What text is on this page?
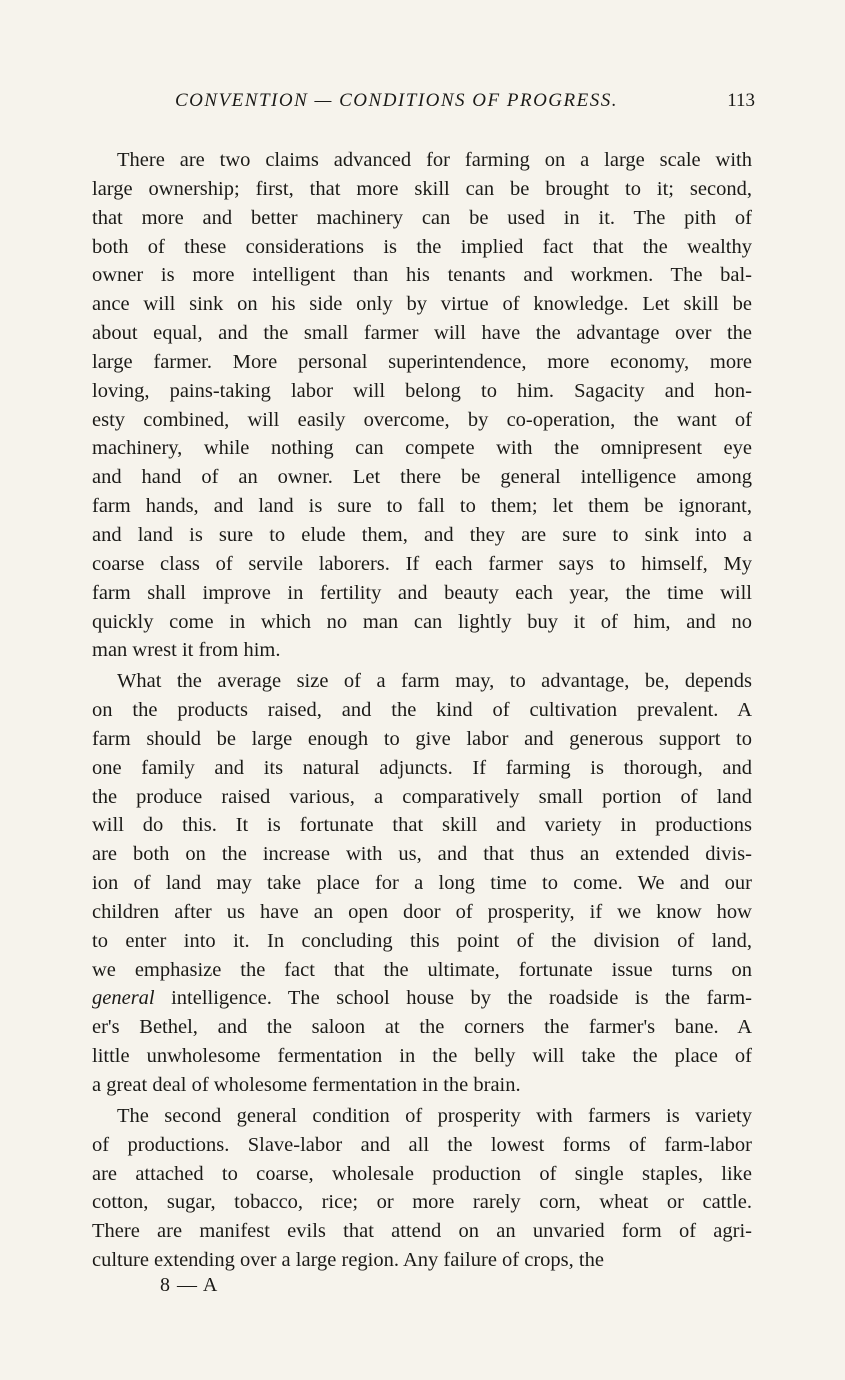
CONVENTION — CONDITIONS OF PROGRESS.	113

There are two claims advanced for farming on a large scale with
large ownership; first, that more skill can be brought to it; second,
that more and better machinery can be used in it. The pith of
both of these considerations is the implied fact that the wealthy
owner is more intelligent than his tenants and workmen. The bal-
ance will sink on his side only by virtue of knowledge. Let skill be
about equal, and the small farmer will have the advantage over the
large farmer. More personal superintendence, more economy, more
loving, pains-taking labor will belong to him. Sagacity and hon-
esty combined, will easily overcome, by co-operation, the want of
machinery, while nothing can compete with the omnipresent eye
and hand of an owner. Let there be general intelligence among
farm hands, and land is sure to fall to them; let them be ignorant,
and land is sure to elude them, and they are sure to sink into a
coarse class of servile laborers. If each farmer says to himself, My
farm shall improve in fertility and beauty each year, the time will
quickly come in which no man can lightly buy it of him, and no
man wrest it from him.

What the average size of a farm may, to advantage, be, depends
on the products raised, and the kind of cultivation prevalent. A
farm should be large enough to give labor and generous support to
one family and its natural adjuncts. If farming is thorough, and
the produce raised various, a comparatively small portion of land
will do this. It is fortunate that skill and variety in productions
are both on the increase with us, and that thus an extended divis-
ion of land may take place for a long time to come. We and our
children after us have an open door of prosperity, if we know how
to enter into it. In concluding this point of the division of land,
we emphasize the fact that the ultimate, fortunate issue turns on
general intelligence. The school house by the roadside is the farm-
er's Bethel, and the saloon at the corners the farmer's bane. A
little unwholesome fermentation in the belly will take the place of
a great deal of wholesome fermentation in the brain.

The second general condition of prosperity with farmers is variety
of productions. Slave-labor and all the lowest forms of farm-labor
are attached to coarse, wholesale production of single staples, like
cotton, sugar, tobacco, rice; or more rarely corn, wheat or cattle.
There are manifest evils that attend on an unvaried form of agri-
culture extending over a large region. Any failure of crops, the

8 — A
